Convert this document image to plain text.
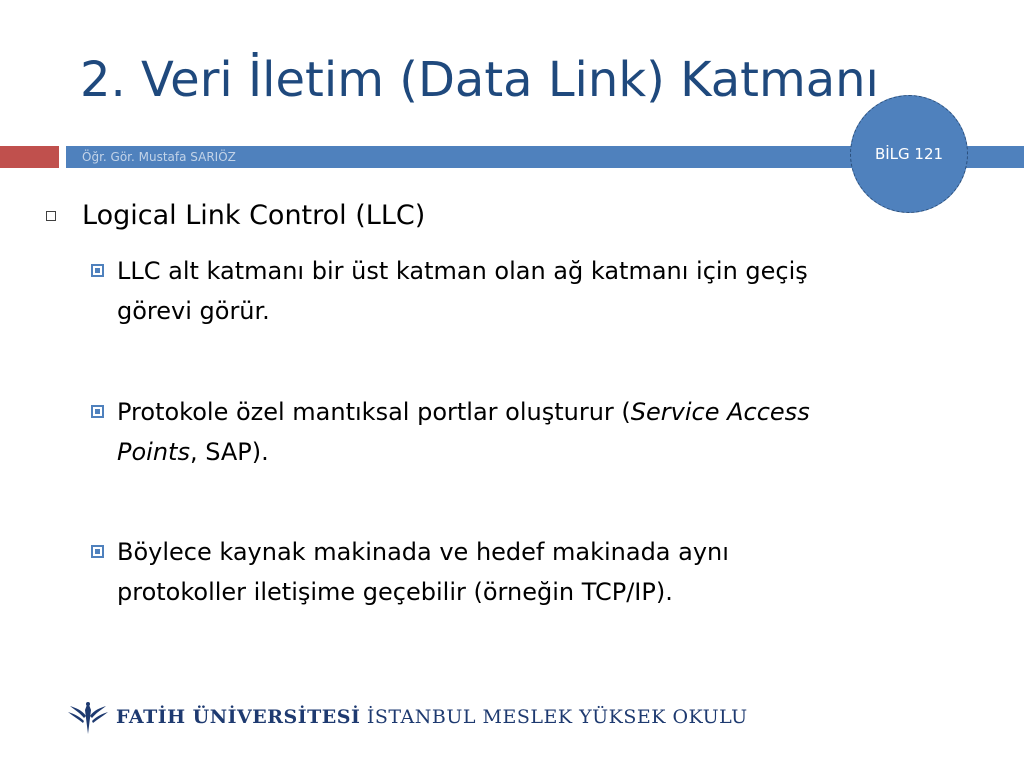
2. Veri İletim (Data Link) Katmanı
Öğr. Gör. Mustafa SARIÖZ	BİLG 121
Logical Link Control (LLC)
LLC alt katmanı bir üst katman olan ağ katmanı için geçiş
görevi görür.
Protokole özel mantıksal portlar oluşturur (Service Access
Points, SAP).
Böylece kaynak makinada ve hedef makinada aynı
protokoller iletişime geçebilir (örneğin TCP/IP).
FATİH ÜNİVERSİTESİ İSTANBUL MESLEK YÜKSEK OKULU
